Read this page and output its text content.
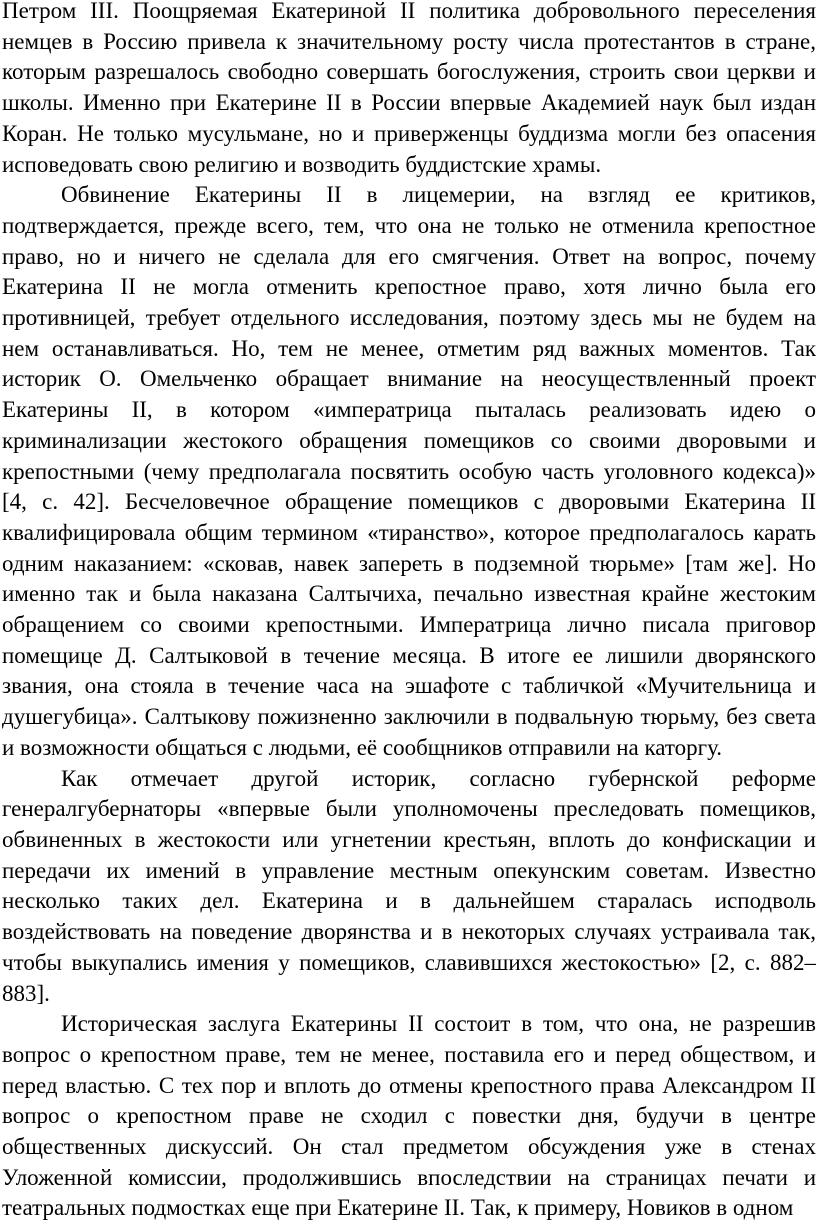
Петром III. Поощряемая Екатериной II политика добровольного переселения немцев в Россию привела к значительному росту числа протестантов в стране, которым разрешалось свободно совершать богослужения, строить свои церкви и школы. Именно при Екатерине II в России впервые Академией наук был издан Коран. Не только мусульмане, но и приверженцы буддизма могли без опасения исповедовать свою религию и возводить буддистские храмы.

Обвинение Екатерины II в лицемерии, на взгляд ее критиков, подтверждается, прежде всего, тем, что она не только не отменила крепостное право, но и ничего не сделала для его смягчения. Ответ на вопрос, почему Екатерина II не могла отменить крепостное право, хотя лично была его противницей, требует отдельного исследования, поэтому здесь мы не будем на нем останавливаться. Но, тем не менее, отметим ряд важных моментов. Так историк О. Омельченко обращает внимание на неосуществленный проект Екатерины II, в котором «императрица пыталась реализовать идею о криминализации жестокого обращения помещиков со своими дворовыми и крепостными (чему предполагала посвятить особую часть уголовного кодекса)» [4, с. 42]. Бесчеловечное обращение помещиков с дворовыми Екатерина II квалифицировала общим термином «тиранство», которое предполагалось карать одним наказанием: «сковав, навек запереть в подземной тюрьме» [там же]. Но именно так и была наказана Салтычиха, печально известная крайне жестоким обращением со своими крепостными. Императрица лично писала приговор помещице Д. Салтыковой в течение месяца. В итоге ее лишили дворянского звания, она стояла в течение часа на эшафоте с табличкой «Мучительница и душегубица». Салтыкову пожизненно заключили в подвальную тюрьму, без света и возможности общаться с людьми, её сообщников отправили на каторгу.

Как отмечает другой историк, согласно губернской реформе генералгубернаторы «впервые были уполномочены преследовать помещиков, обвиненных в жестокости или угнетении крестьян, вплоть до конфискации и передачи их имений в управление местным опекунским советам. Известно несколько таких дел. Екатерина и в дальнейшем старалась исподволь воздействовать на поведение дворянства и в некоторых случаях устраивала так, чтобы выкупались имения у помещиков, славившихся жестокостью» [2, с. 882–883].

Историческая заслуга Екатерины II состоит в том, что она, не разрешив вопрос о крепостном праве, тем не менее, поставила его и перед обществом, и перед властью. С тех пор и вплоть до отмены крепостного права Александром II вопрос о крепостном праве не сходил с повестки дня, будучи в центре общественных дискуссий. Он стал предметом обсуждения уже в стенах Уложенной комиссии, продолжившись впоследствии на страницах печати и театральных подмостках еще при Екатерине II. Так, к примеру, Новиков в одном
